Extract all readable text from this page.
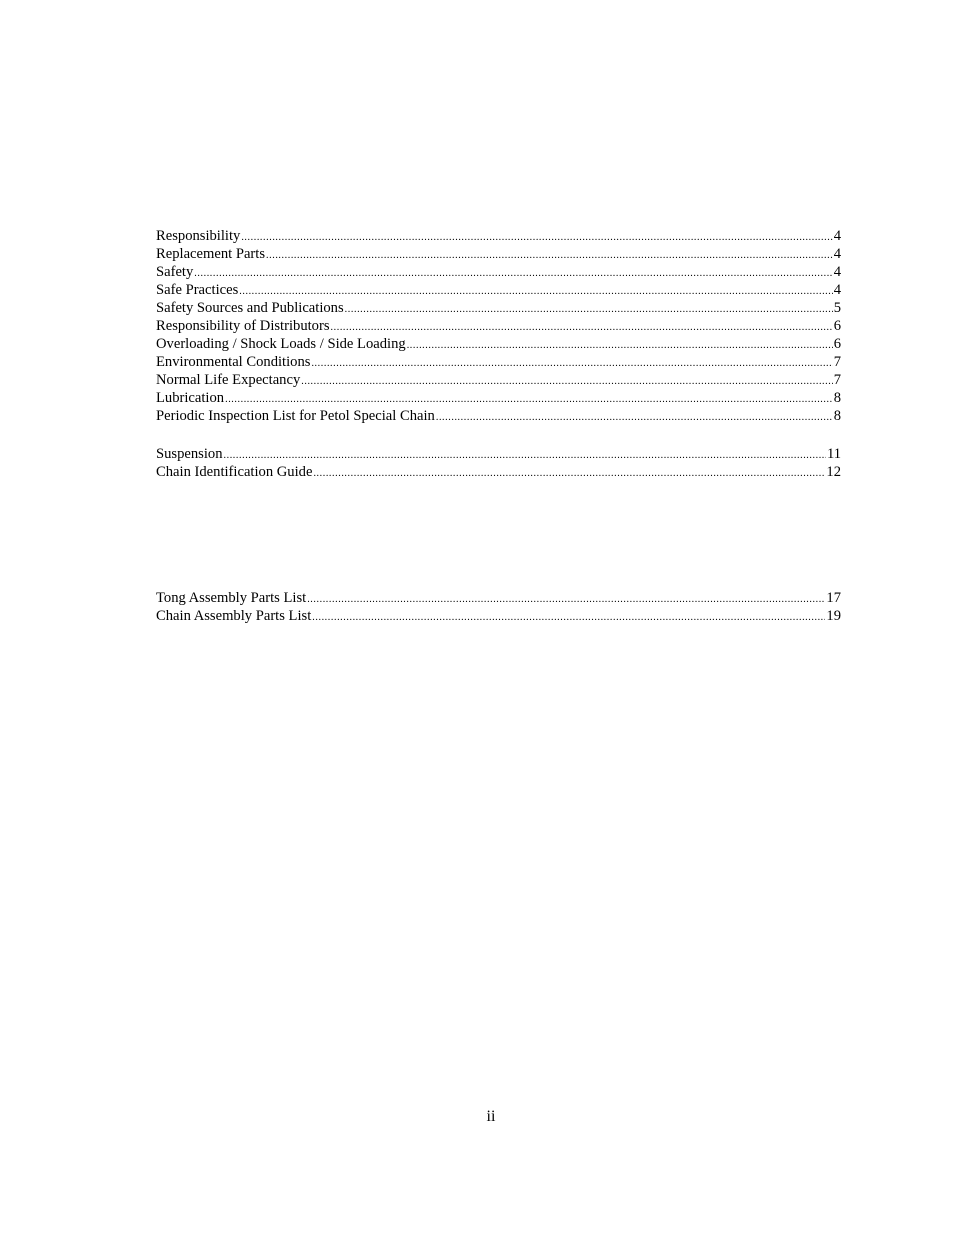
Responsibility .....	4
Replacement Parts .....	4
Safety .....	4
Safe Practices .....	4
Safety Sources and Publications .....	5
Responsibility of Distributors .....	6
Overloading / Shock Loads / Side Loading .....	6
Environmental Conditions .....	7
Normal Life Expectancy .....	7
Lubrication .....	8
Periodic Inspection List for Petol Special Chain .....	8
Suspension .....	11
Chain Identification Guide .....	12
Tong Assembly Parts List .....	17
Chain Assembly Parts List .....	19
ii
